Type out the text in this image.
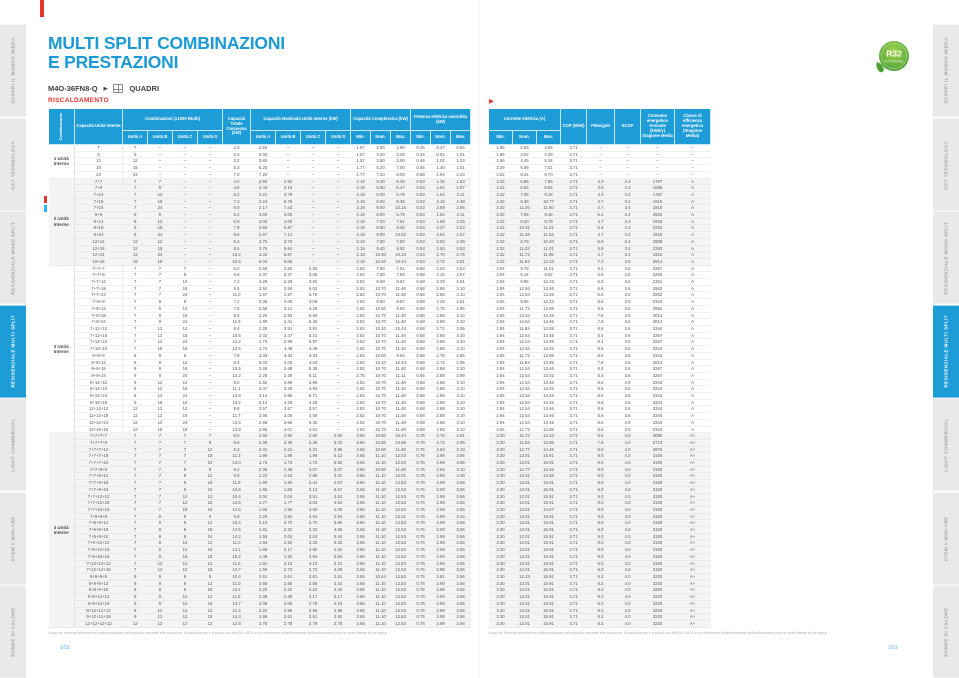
SCOPRI IL MONDO MIDEA
KEY TECHNOLOGY
RESIDENZIALE MONO SPLIT
RESIDENZIALE MULTI SPLIT
LIGHT COMMERCIAL
ATOM V MINI-VRF
POMPE DI CALORE
SCOPRI IL MONDO MIDEA
KEY TECHNOLOGY
RESIDENZIALE MONO SPLIT
RESIDENZIALE MULTI SPLIT
LIGHT COMMERCIAL
ATOM V MINI-VRF
POMPE DI CALORE
MULTI SPLIT COMBINAZIONI
E PRESTAZIONI
M4O-36FN8-Q ▶	QUADRI
RISCALDAMENTO	▶
R32
ECO Friendly
Combinazione	Capacità Unità Interne	Combinazioni (x1000 Btu/h)				Capacità Totale Connessa (kW)	Capacità Nominale Unità Interne (kW)				Capacità Complessiva (kW)			Potenza elettrica assorbita (kW)		
		Unità A	Unità B	Unità C	Unità D		Unità A	Unità B	Unità C	Unità D	Min.	Nom.	Max.	Min.	Nom.	Max.
1 Unità Interna	7	7	–	–	–	2.0	2.50	–	–	–	1.57	2.50	2.90	0.45	0.47	0.84
	9	9	–	–	–	2.6	3.00	–	–	–	1.57	3.00	3.20	0.45	0.81	1.01
	12	12	–	–	–	3.2	3.80	–	–	–	1.57	3.80	3.90	0.45	1.02	1.23
	18	18	–	–	–	5.3	5.20	–	–	–	1.77	5.20	7.00	0.55	1.40	1.61
	24	24	–	–	–	7.0	7.20	–	–	–	1.77	7.20	8.00	0.58	1.94	2.23
2 Unità Interne	7+7	7	7	–	–	4.0	2.50	2.50	–	–	2.19	5.00	6.26	0.53	1.35	1.83
	7+9	7	9	–	–	4.6	2.43	3.15	–	–	2.19	5.60	6.47	0.53	1.51	1.97
	7+12	7	12	–	–	5.2	2.21	3.79	–	–	2.19	6.00	6.79	0.53	1.62	2.11
	7+18	7	18	–	–	7.3	2.24	5.76	–	–	2.19	8.00	8.35	0.53	2.16	2.48
	7+24	7	24	–	–	9.0	2.17	7.43	–	–	2.19	9.60	10.15	0.53	2.59	2.65
	9+9	9	9	–	–	5.2	3.00	3.00	–	–	2.19	6.00	6.79	0.53	1.62	2.11
	9+12	9	12	–	–	5.8	3.00	4.00	–	–	2.19	7.00	7.51	0.53	1.89	2.25
	9+18	9	18	–	–	7.9	2.93	5.87	–	–	2.19	8.80	9.40	0.53	2.37	2.53
	9+24	9	24	–	–	9.6	2.67	7.13	–	–	2.19	9.80	10.02	0.53	2.64	2.67
	12+12	12	12	–	–	6.4	3.75	3.75	–	–	2.19	7.50	7.83	0.53	2.02	2.39
	12+18	12	18	–	–	8.5	3.76	5.64	–	–	2.19	9.40	9.92	0.53	2.53	2.53
	12+24	12	24	–	–	10.2	3.33	6.67	–	–	2.19	10.00	10.23	0.53	2.70	2.76
	18+18	18	18	–	–	10.6	5.04	5.06	–	–	2.19	10.10	10.44	0.53	2.72	2.81
3 Unità Interne	7+7+7	7	7	7	–	6.0	2.50	2.50	2.50	–	2.82	7.50	7.51	0.68	2.02	2.53
	7+7+9	7	7	9	–	6.6	2.37	2.37	3.05	–	2.82	7.80	7.83	0.68	2.10	2.67
	7+7+12	7	7	12	–	7.2	2.29	2.29	3.92	–	2.82	8.50	8.87	0.68	2.29	2.81
	7+7+18	7	7	18	–	9.5	2.54	2.54	6.02	–	2.82	10.70	11.48	0.68	2.88	3.10
	7+7+24	7	7	24	–	11.0	1.97	1.97	6.76	–	2.82	10.70	11.48	0.68	2.88	3.10
	7+9+9	7	9	9	–	7.2	2.38	3.06	3.06	–	2.82	8.50	8.87	0.68	2.29	2.81
	7+9+12	7	9	12	–	7.8	2.50	3.21	4.29	–	2.82	10.00	9.92	0.68	2.70	2.95
	7+9+18	7	9	18	–	9.9	2.20	2.83	5.66	–	2.82	10.70	11.48	0.68	2.88	3.10
	7+9+24	7	9	24	–	11.6	1.89	2.41	6.42	–	2.82	10.70	11.48	0.68	2.88	3.10
	7+12+12	7	12	12	–	8.4	2.28	3.91	3.91	–	2.82	10.10	10.44	0.68	2.72	2.95
	7+12+18	7	12	18	–	10.5	2.02	3.47	5.21	–	2.82	10.70	11.48	0.68	2.88	3.10
	7+12+24	7	12	24	–	12.2	1.74	2.99	5.97	–	2.82	10.70	11.48	0.68	2.88	3.10
	7+18+18	7	18	18	–	12.6	1.74	4.48	4.48	–	2.82	10.70	11.48	0.68	2.88	3.10
	9+9+9	9	9	9	–	7.8	3.33	3.33	3.33	–	2.82	10.00	9.92	0.68	2.70	2.95
	9+9+12	9	9	12	–	8.4	3.03	3.03	4.04	–	2.82	10.10	10.44	0.68	2.72	2.95
	9+9+18	9	9	18	–	10.5	2.68	2.68	5.35	–	2.82	10.70	11.48	0.68	2.88	3.10
	9+9+24	9	9	24	–	12.2	2.29	2.29	6.11	–	2.75	10.70	11.11	0.65	2.88	2.99
	9+12+12	9	12	12	–	9.0	2.92	3.89	3.89	–	2.82	10.70	11.48	0.68	2.88	3.10
	9+12+18	9	12	18	–	11.1	2.47	3.29	4.94	–	2.82	10.70	11.48	0.68	2.88	3.10
	9+12+24	9	12	24	–	13.8	2.14	2.85	5.71	–	2.82	10.70	11.48	0.68	2.88	3.10
	9+18+18	9	18	18	–	13.2	2.14	4.28	4.28	–	2.82	10.70	11.48	0.68	2.88	3.10
	12+12+12	12	12	12	–	9.6	3.57	3.57	3.57	–	2.82	10.70	11.48	0.68	2.88	3.10
	12+12+18	12	12	18	–	11.7	3.06	3.06	4.59	–	2.82	10.70	11.48	0.68	2.88	3.10
	12+12+24	12	12	24	–	13.4	2.68	2.68	5.35	–	2.82	10.70	11.48	0.68	2.88	3.10
	12+18+18	12	18	18	–	13.8	2.68	4.01	4.01	–	2.82	10.70	11.48	0.68	2.88	3.10
4 Unità Interne	7+7+7+7	7	7	7	7	8.0	2.50	2.50	2.50	2.50	3.65	10.00	10.44	0.76	2.70	2.81
	7+7+7+9	7	7	7	9	8.6	2.36	2.36	2.36	3.03	3.65	10.00	10.96	0.76	2.72	2.95
	7+7+7+12	7	7	7	12	9.2	2.31	2.31	2.31	3.96	3.65	10.90	11.48	0.76	2.84	3.10
	7+7+7+18	7	7	7	18	11.3	1.99	1.99	1.99	5.12	3.65	11.10	12.53	0.76	2.99	3.66
	7+7+7+24	7	7	7	24	13.0	1.73	1.73	1.73	5.92	3.65	11.10	12.53	0.76	2.99	3.66
	7+7+9+9	7	7	9	9	9.2	2.38	2.38	3.07	3.07	3.65	10.90	11.48	0.76	2.94	3.10
	7+7+9+12	7	7	9	12	9.8	2.23	2.23	2.85	3.81	3.65	11.10	12.01	0.76	2.99	3.38
	7+7+9+18	7	7	9	18	11.9	1.90	1.90	2.44	4.87	3.65	11.10	12.53	0.76	2.99	3.66
	7+7+9+24	7	7	9	24	13.6	1.65	1.65	2.13	5.67	3.65	11.10	12.53	0.76	2.99	3.66
	7+7+12+12	7	7	12	12	10.4	2.04	2.04	3.51	3.51	3.65	11.10	12.53	0.76	2.99	3.66
	7+7+12+18	7	7	12	18	12.5	1.77	1.77	3.03	4.54	3.65	11.10	12.53	0.76	2.99	3.66
	7+7+18+18	7	7	18	18	14.6	1.55	1.55	4.00	4.00	3.65	11.10	12.53	0.76	2.99	3.66
	7+9+9+9	7	9	9	9	9.8	2.29	2.94	2.94	2.94	3.65	11.10	12.01	0.76	2.99	3.34
	7+9+9+12	7	9	9	12	10.4	2.10	2.70	2.70	3.60	3.65	11.10	12.53	0.76	2.99	3.66
	7+9+9+18	7	9	9	18	12.5	1.81	2.32	2.32	4.65	3.65	11.10	12.53	0.76	2.99	3.66
	7+9+9+24	7	9	9	24	14.2	1.59	2.04	2.04	5.44	3.65	11.10	12.53	0.76	2.99	3.66
	7+9+12+12	7	9	12	12	11.0	1.94	2.50	3.33	3.33	3.65	11.10	12.53	0.76	2.99	3.66
	7+9+12+18	7	9	12	18	13.1	1.69	2.17	2.90	4.34	3.65	11.10	12.53	0.76	2.99	3.66
	7+9+18+18	7	9	18	18	15.2	1.49	1.92	3.84	3.84	3.65	11.10	12.53	0.76	2.99	3.66
	7+12+12+12	7	12	12	12	11.6	1.81	3.10	3.10	3.10	3.65	11.10	12.53	0.76	2.99	3.66
	7+12+12+18	7	12	12	18	13.7	1.59	2.72	2.72	4.08	3.65	11.10	12.53	0.76	2.99	3.66
	9+9+9+9	9	9	9	9	10.4	2.61	2.61	2.61	2.61	3.65	10.44	12.53	0.76	2.81	3.66
	9+9+9+12	9	9	9	12	11.0	2.56	2.56	2.56	3.42	3.65	11.10	12.53	0.76	2.99	3.66
	9+9+9+18	9	9	9	18	13.1	2.22	2.22	2.22	4.44	3.65	11.10	12.53	0.76	2.99	3.66
	9+9+12+12	9	9	12	12	11.6	2.38	2.38	3.17	3.17	3.65	11.10	12.53	0.76	2.99	3.66
	9+9+12+18	9	9	12	18	13.7	2.08	2.08	2.78	4.16	3.65	11.10	12.53	0.76	2.99	3.66
	9+12+12+12	9	12	12	12	12.2	2.22	2.96	2.96	2.96	3.65	11.10	12.53	0.76	2.99	3.66
	9+12+12+18	9	12	12	18	14.3	1.96	2.61	2.61	3.92	3.65	11.10	12.53	0.76	2.99	3.66
	12+12+12+12	12	12	12	12	12.8	2.78	2.78	2.78	2.78	3.65	11.10	12.53	0.76	2.99	3.66
Corrente elettrica (A)			COP (W/W)	Pdesignh	SCOP	Consumo energetico Annuale (kWh/y) Stagione Media	Classe di efficienza energetica (Stagione Media)
Min.	Nom.	Max.					
1.96	2.93	3.66	3.71	–	–	–	–
1.96	3.52	4.39	3.71	–	–	–	–
1.96	4.45	5.34	3.71	–	–	–	–
2.39	6.09	7.01	3.71	–	–	–	–
2.52	8.44	9.70	3.71	–	–	–	–
2.32	5.86	7.95	3.71	4.3	3.4	1787	A
2.32	6.56	8.56	3.71	3.9	3.4	1596	A
2.32	7.05	9.18	3.71	4.3	3.4	1787	A
2.32	9.38	10.77	3.71	4.7	3.4	1915	A
2.32	11.26	11.50	3.71	4.7	3.4	1915	A
2.32	7.05	9.18	3.71	6.2	3.4	2553	A
2.32	8.20	9.79	3.71	4.7	3.4	1915	A
2.32	10.31	11.01	3.71	5.4	3.4	2234	A
2.32	11.48	11.62	3.71	4.7	3.4	1915	A
2.32	8.79	10.40	3.71	6.8	3.4	2808	A
2.32	11.02	11.01	3.71	5.9	3.4	2393	A
2.32	11.72	11.96	3.71	4.7	3.4	1915	A
2.32	11.84	12.23	3.71	7.3	3.5	2914	A
2.94	8.79	11.01	3.71	6.4	3.6	3267	A
2.94	9.14	9.62	3.71	5.8	3.6	2260	A
2.94	9.96	12.23	3.71	6.0	3.6	2351	A
2.94	12.54	13.46	3.71	6.6	3.6	2962	A
2.94	12.54	13.46	3.71	6.6	3.6	2962	A
2.94	9.96	12.23	3.71	8.6	3.6	3344	A
2.94	11.72	12.85	3.71	6.6	3.6	2962	A
2.94	12.54	13.46	3.71	7.8	3.6	3014	A
2.94	12.54	13.46	3.71	7.8	3.6	3014	A
2.94	11.84	12.85	3.71	8.6	3.6	3344	A
2.94	12.54	13.46	3.71	8.4	3.6	3267	A
2.94	12.54	13.46	3.71	8.4	3.6	3267	A
2.94	12.54	13.46	3.71	8.6	3.6	3344	A
2.94	11.72	12.85	3.71	8.6	3.6	3344	A
2.94	11.84	12.85	3.71	7.8	3.6	3014	A
2.94	12.54	13.46	3.71	8.4	3.6	3267	A
2.84	12.54	13.02	3.71	8.4	3.6	3267	A
2.94	12.54	13.46	3.71	8.6	3.6	3344	A
2.94	12.54	13.46	3.71	8.6	3.6	3344	A
2.94	12.54	13.46	3.71	8.6	3.6	3344	A
2.94	12.54	13.46	3.71	8.6	3.6	3344	A
2.94	12.54	13.46	3.71	8.6	3.6	3344	A
2.94	12.54	13.46	3.71	8.6	3.6	3344	A
2.94	12.54	13.46	3.71	8.6	3.6	3344	A
2.94	11.72	12.85	3.71	8.6	3.6	3344	A
3.30	11.72	12.23	3.71	8.6	4.0	3090	A+
3.30	11.84	12.85	3.71	7.8	4.0	2713	A+
3.30	12.77	13.46	3.71	8.5	4.0	2876	A+
3.30	13.01	15.91	3.71	9.0	4.0	3150	A+
3.30	13.01	15.91	3.71	9.0	4.0	3150	A+
3.30	12.77	13.46	3.71	9.0	4.0	3150	A+
3.30	13.01	14.68	3.71	9.0	4.0	3150	A+
3.30	13.01	15.91	3.71	9.0	4.0	3150	A+
3.30	13.01	15.91	3.71	9.0	4.0	3150	A+
3.30	13.01	15.91	3.71	9.0	4.0	3150	A+
3.30	13.01	15.91	3.71	9.0	4.0	3150	A+
3.30	13.01	14.07	3.71	9.0	4.0	3150	A+
3.30	13.01	15.91	3.71	9.0	4.0	3150	A+
3.30	13.01	15.91	3.71	9.0	4.0	3150	A+
3.30	13.01	15.91	3.71	9.0	4.0	3150	A+
3.30	13.01	15.91	3.71	9.0	4.0	3150	A+
3.30	13.01	15.91	3.71	9.0	4.0	3150	A+
3.30	13.01	15.91	3.71	9.0	4.0	3150	A+
3.30	13.01	15.91	3.71	9.0	4.0	3150	A+
3.30	13.01	15.91	3.71	9.0	4.0	3150	A+
3.30	13.01	15.91	3.71	9.0	4.0	3150	A+
3.30	12.23	15.91	3.71	9.2	4.0	3220	A+
3.30	13.01	15.91	3.71	9.2	4.0	3220	A+
3.30	13.01	15.91	3.71	9.2	4.0	3220	A+
3.30	13.01	15.91	3.71	9.2	4.0	3220	A+
3.30	13.01	15.91	3.71	9.2	4.0	3220	A+
3.30	13.01	15.91	3.71	9.2	4.0	3220	A+
3.30	13.01	15.91	3.71	9.2	4.0	3220	A+
3.30	13.01	15.91	3.71	9.2	4.0	3220	A+
La tavola fornisce informazioni sulle prestazioni del prodotto misurate alle condizioni di installazione e prova di cui alla EN 14511 ed in riferimento all'abbinamento dell'unità esterna con le unità interne di cui sopra.	La tavola fornisce informazioni sulle prestazioni del prodotto misurate alle condizioni di installazione e prova di cui alla EN 14511 ed in riferimento all'abbinamento dell'unità esterna con le unità interne di cui sopra.
102	103
